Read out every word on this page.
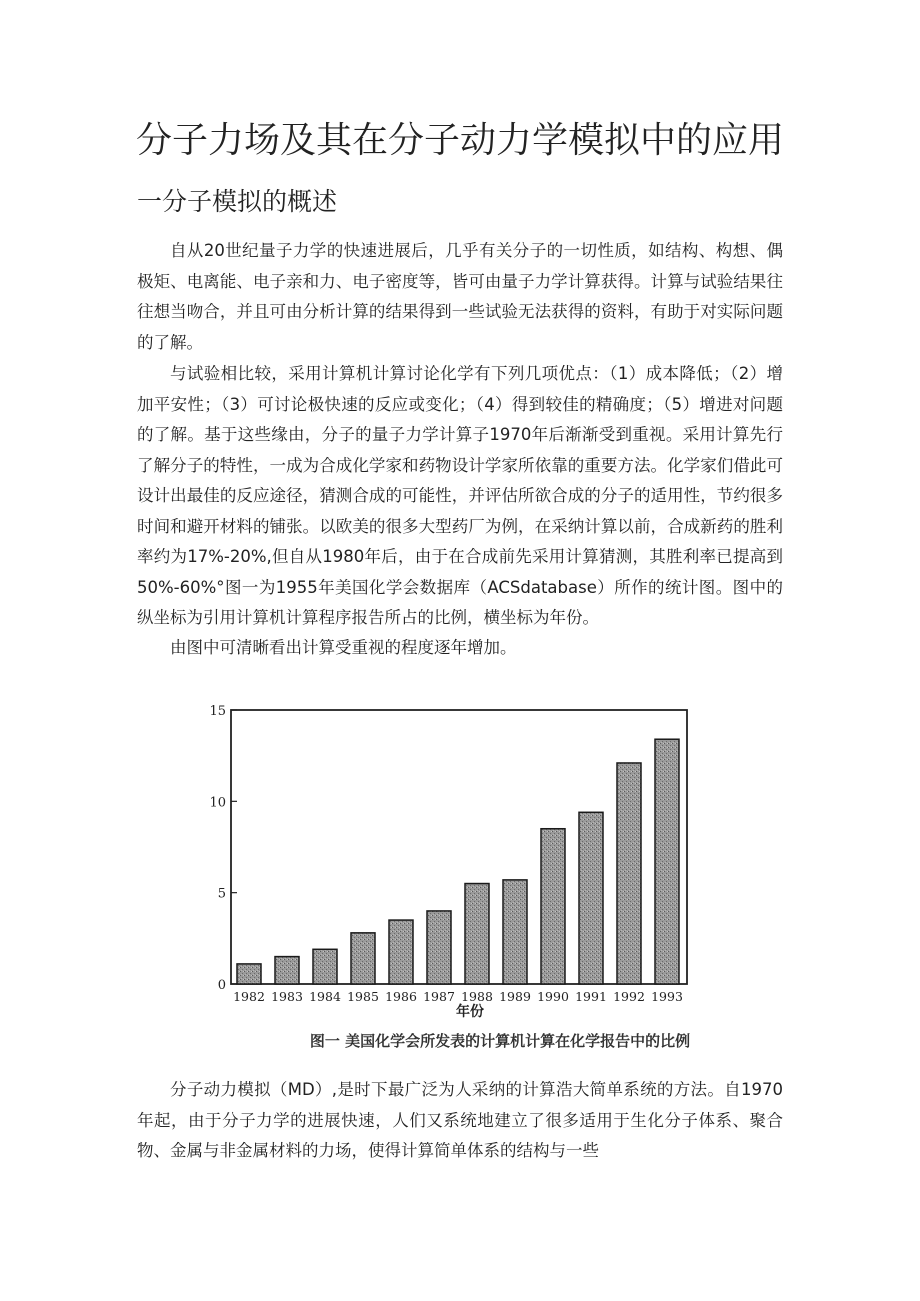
分子力场及其在分子动力学模拟中的应用
一分子模拟的概述

自从20世纪量子力学的快速进展后，几乎有关分子的一切性质，如结构、构想、偶极矩、电离能、电子亲和力、电子密度等，皆可由量子力学计算获得。计算与试验结果往往想当吻合，并且可由分析计算的结果得到一些试验无法获得的资料，有助于对实际问题的了解。

与试验相比较，采用计算机计算讨论化学有下列几项优点：（1）成本降低；（2）增加平安性；（3）可讨论极快速的反应或变化；（4）得到较佳的精确度；（5）增进对问题的了解。基于这些缘由，分子的量子力学计算子1970年后渐渐受到重视。采用计算先行了解分子的特性，一成为合成化学家和药物设计学家所依靠的重要方法。化学家们借此可设计出最佳的反应途径，猜测合成的可能性，并评估所欲合成的分子的适用性，节约很多时间和避开材料的铺张。以欧美的很多大型药厂为例，在采纳计算以前，合成新药的胜利率约为17%-20%,但自从1980年后，由于在合成前先采用计算猜测，其胜利率已提高到50%-60%°图一为1955年美国化学会数据库（ACSdatabase）所作的统计图。图中的纵坐标为引用计算机计算程序报告所占的比例，横坐标为年份。

由图中可清晰看出计算受重视的程度逐年增加。

0
5
10
15
1982 1983 1984 1985 1986 1987 1988 1989 1990 1991 1992 1993
年份

图一 美国化学会所发表的计算机计算在化学报告中的比例

分子动力模拟（MD）,是时下最广泛为人采纳的计算浩大简单系统的方法。自1970年起，由于分子力学的进展快速，人们又系统地建立了很多适用于生化分子体系、聚合物、金属与非金属材料的力场，使得计算简单体系的结构与一些
